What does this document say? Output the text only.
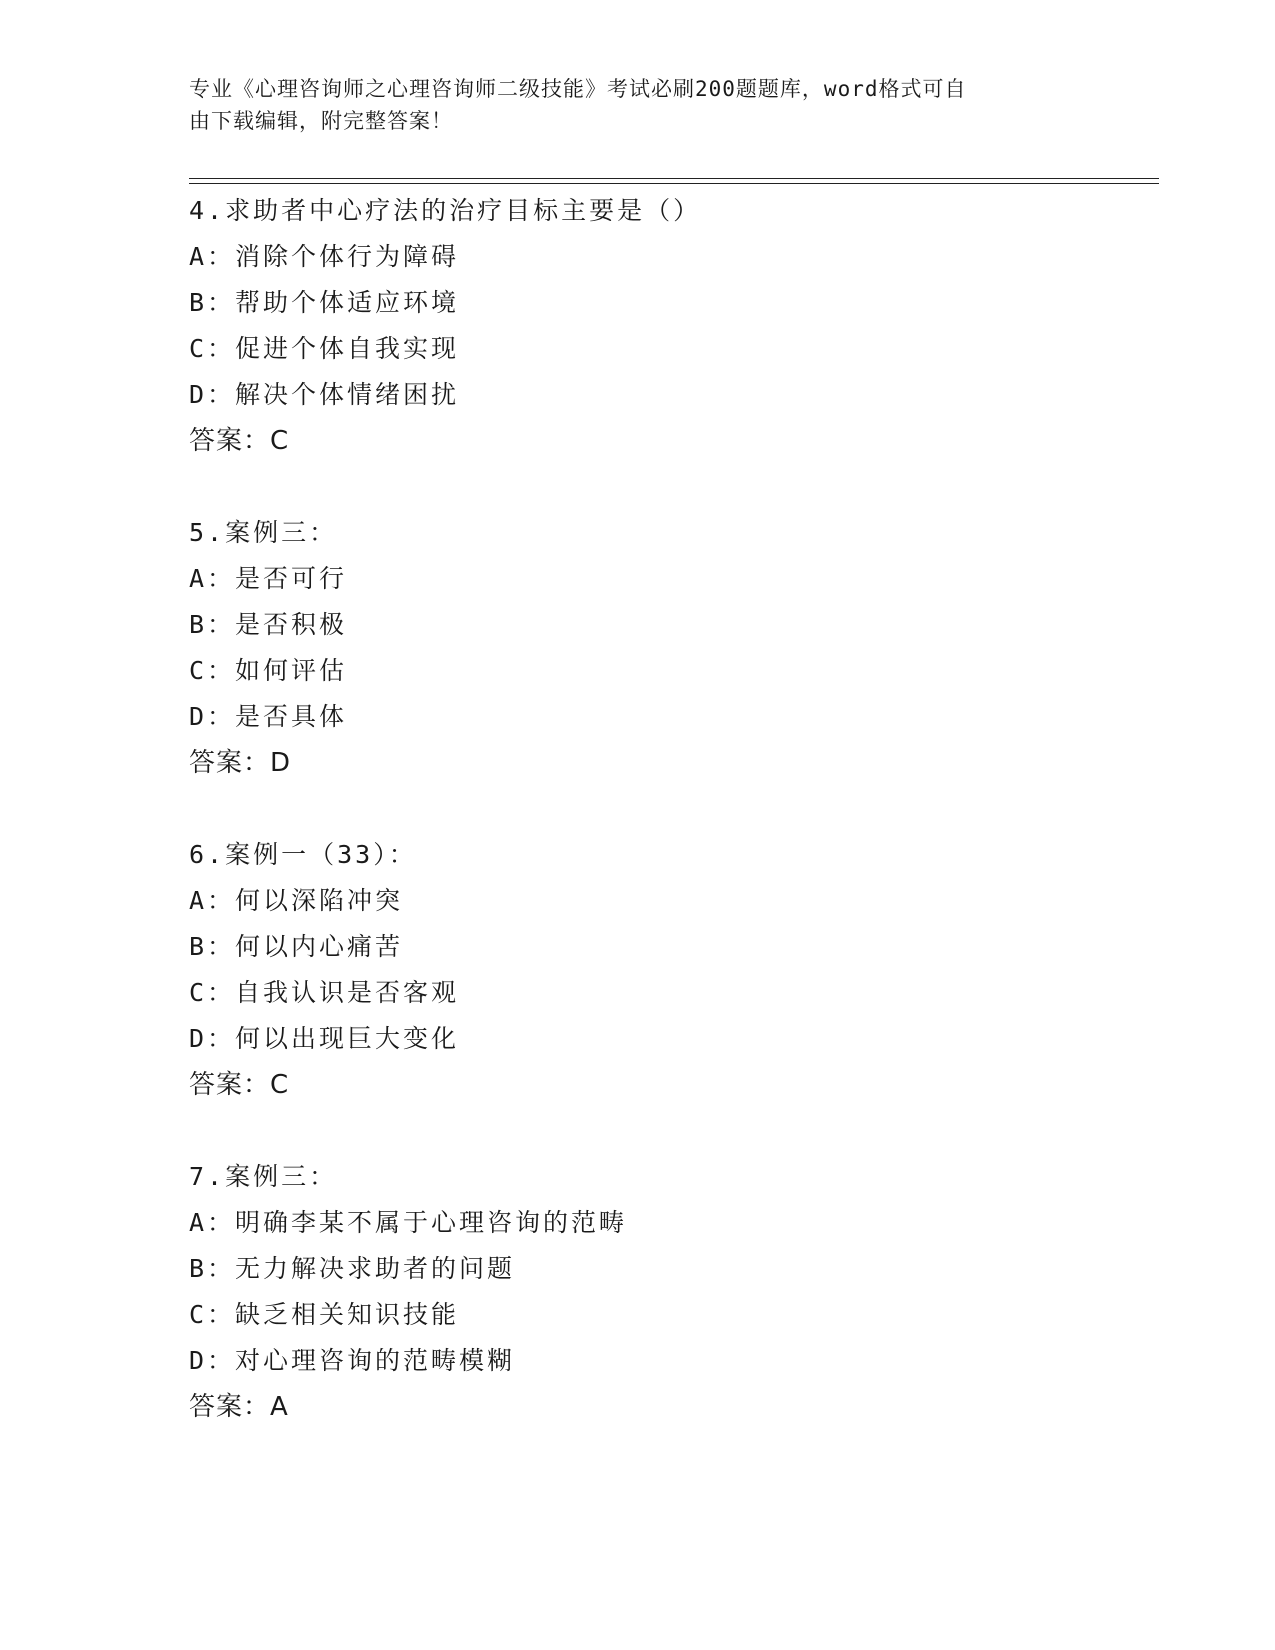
专业《心理咨询师之心理咨询师二级技能》考试必刷200题题库，word格式可自
由下载编辑，附完整答案！
4.求助者中心疗法的治疗目标主要是（）
A：消除个体行为障碍
B：帮助个体适应环境
C：促进个体自我实现
D：解决个体情绪困扰
答案：C
5.案例三：
A：是否可行
B：是否积极
C：如何评估
D：是否具体
答案：D
6.案例一（33）：
A：何以深陷冲突
B：何以内心痛苦
C：自我认识是否客观
D：何以出现巨大变化
答案：C
7.案例三：
A：明确李某不属于心理咨询的范畴
B：无力解决求助者的问题
C：缺乏相关知识技能
D：对心理咨询的范畴模糊
答案：A
